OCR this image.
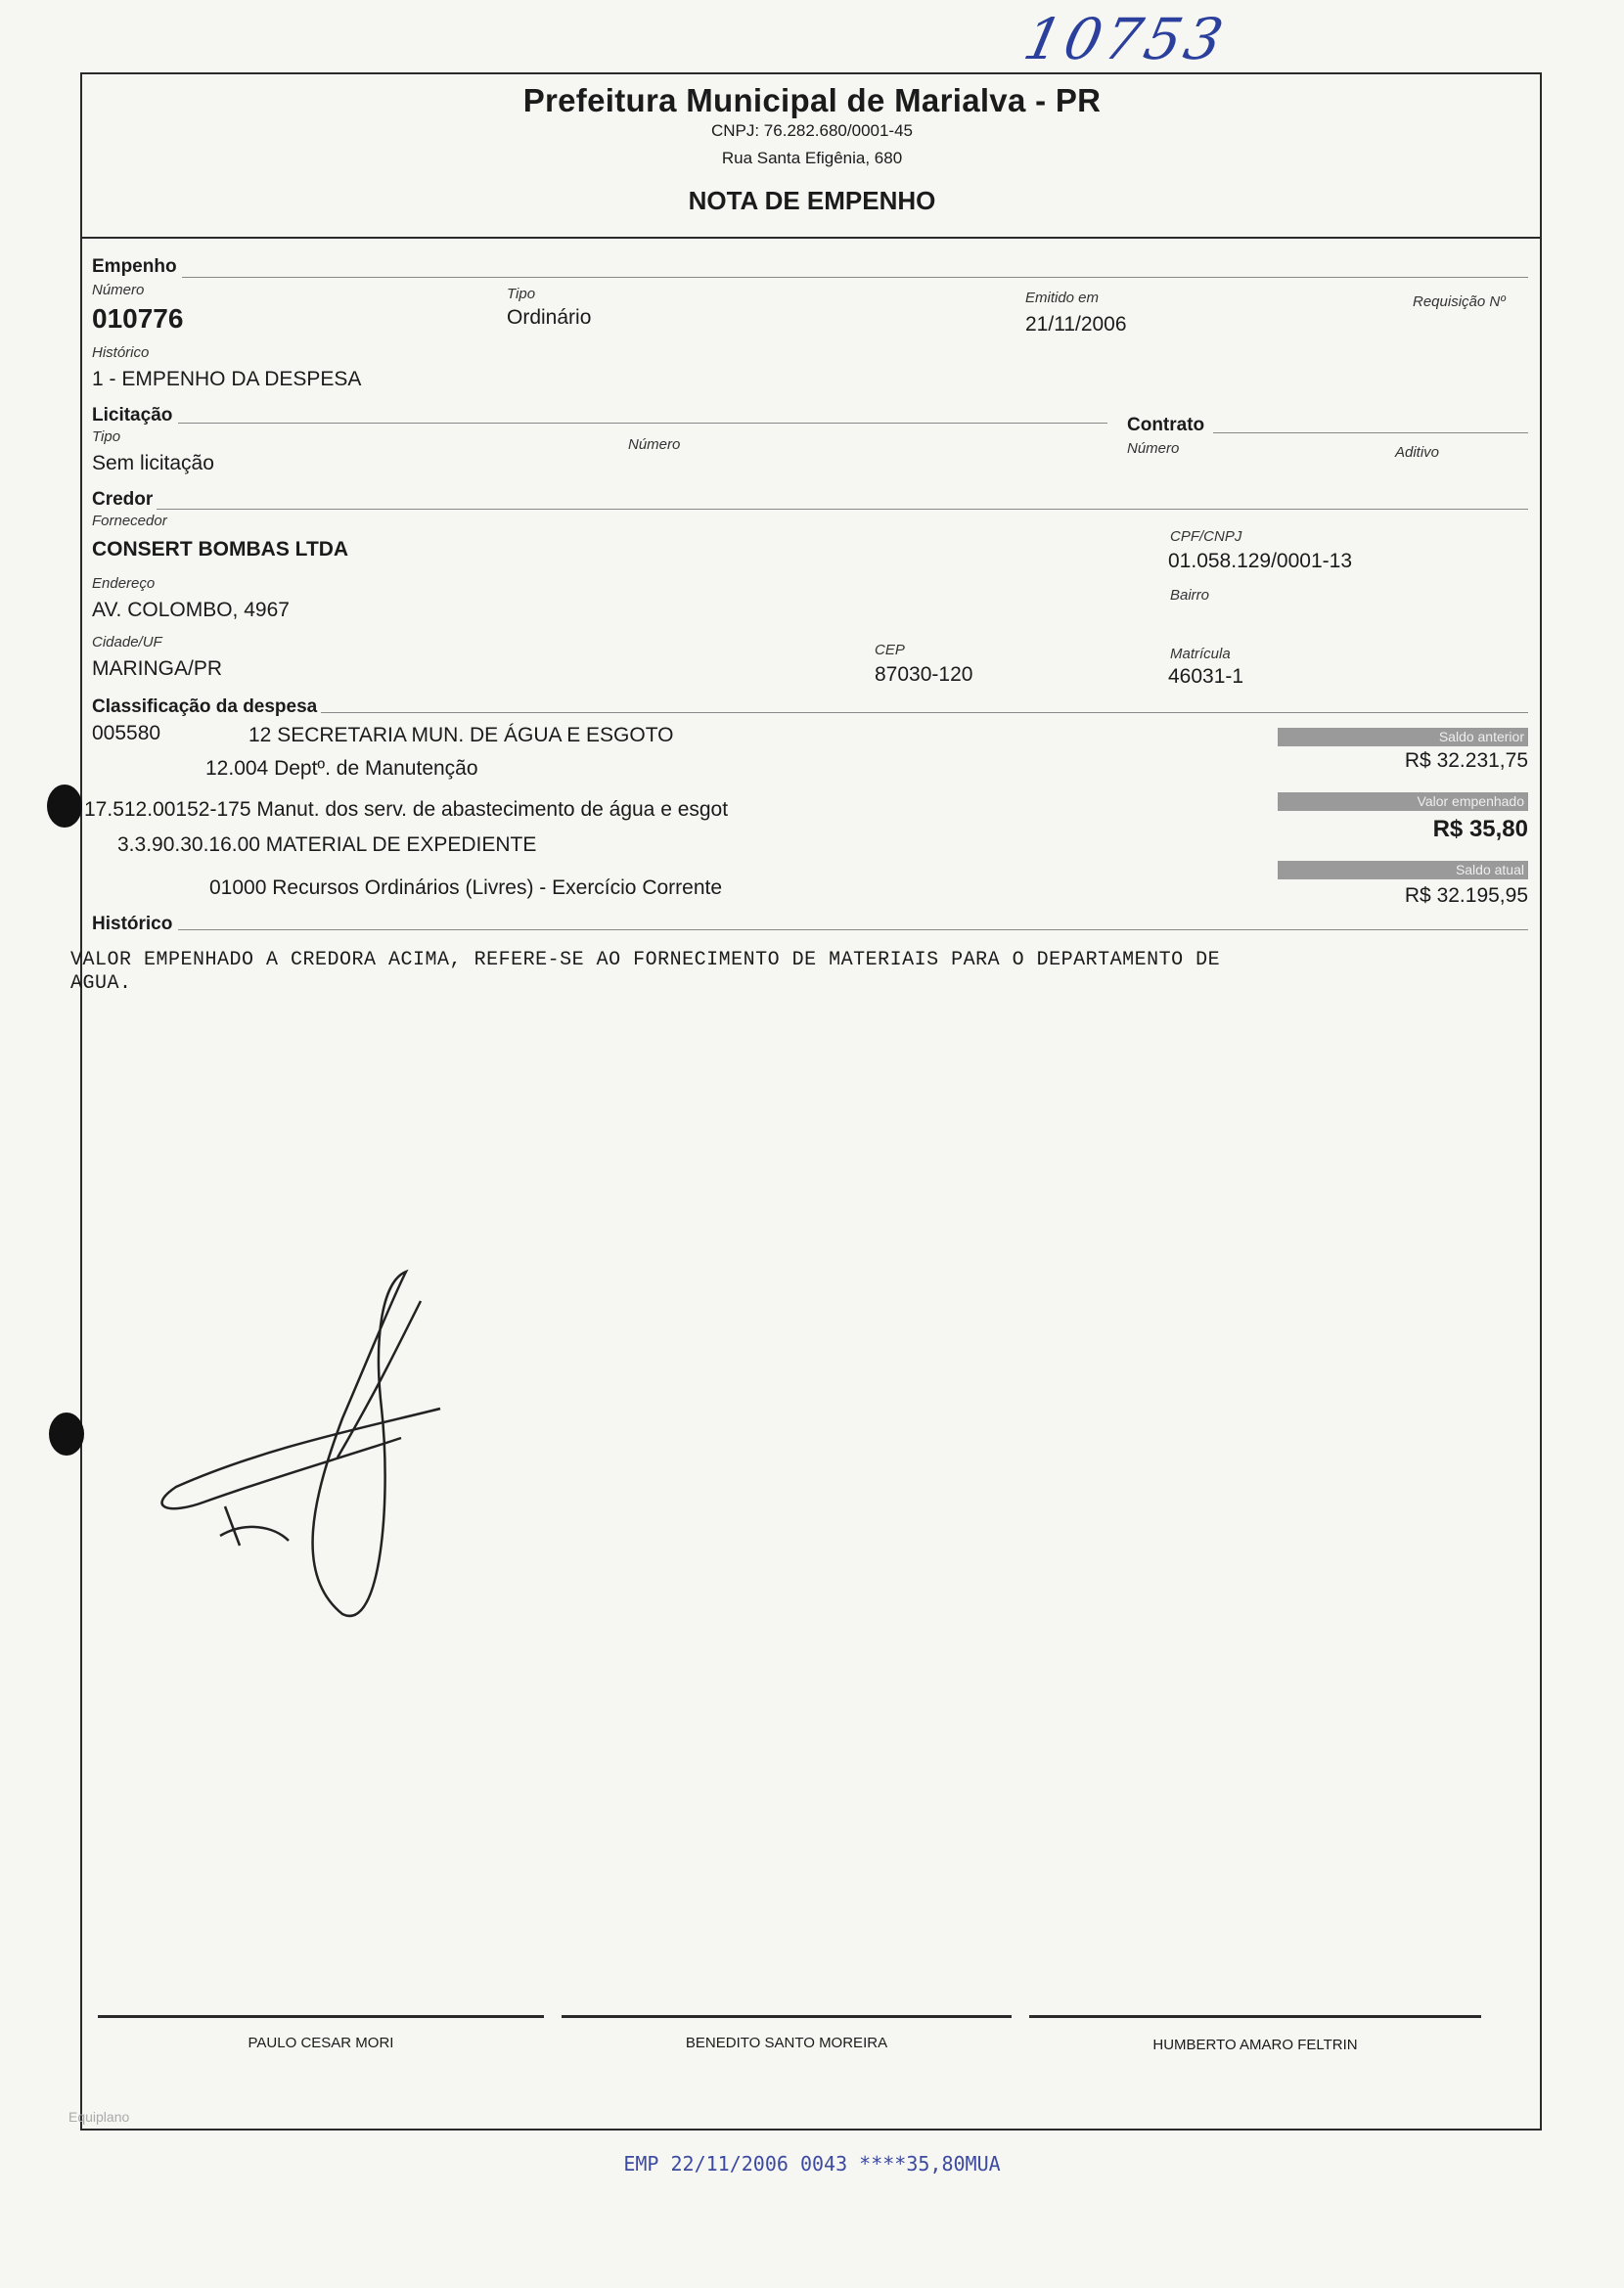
10753
Prefeitura Municipal de Marialva - PR
CNPJ: 76.282.680/0001-45
Rua Santa Efigênia, 680
NOTA DE EMPENHO
Empenho
Número
010776
Tipo
Ordinário
Emitido em
21/11/2006
Requisição Nº
Histórico
1 - EMPENHO DA DESPESA
Licitação
Tipo
Sem licitação
Número
Contrato
Número	Aditivo
Credor
Fornecedor
CONSERT BOMBAS LTDA
CPF/CNPJ
01.058.129/0001-13
Endereço
AV. COLOMBO, 4967
Bairro
Cidade/UF
MARINGA/PR
CEP
87030-120
Matrícula
46031-1
Classificação da despesa
005580	12 SECRETARIA MUN. DE ÁGUA E ESGOTO
12.004 Deptº. de Manutenção
17.512.00152-175 Manut. dos serv. de abastecimento de água e esgot
3.3.90.30.16.00 MATERIAL DE EXPEDIENTE
01000 Recursos Ordinários (Livres) - Exercício Corrente
Saldo anterior
R$ 32.231,75
Valor empenhado
R$ 35,80
Saldo atual
R$ 32.195,95
Histórico
VALOR EMPENHADO A CREDORA ACIMA, REFERE-SE AO FORNECIMENTO DE MATERIAIS PARA O DEPARTAMENTO DE
AGUA.
PAULO CESAR MORI	BENEDITO SANTO MOREIRA	HUMBERTO AMARO FELTRIN
Equiplano
EMP 22/11/2006 0043 ****35,80MUA
